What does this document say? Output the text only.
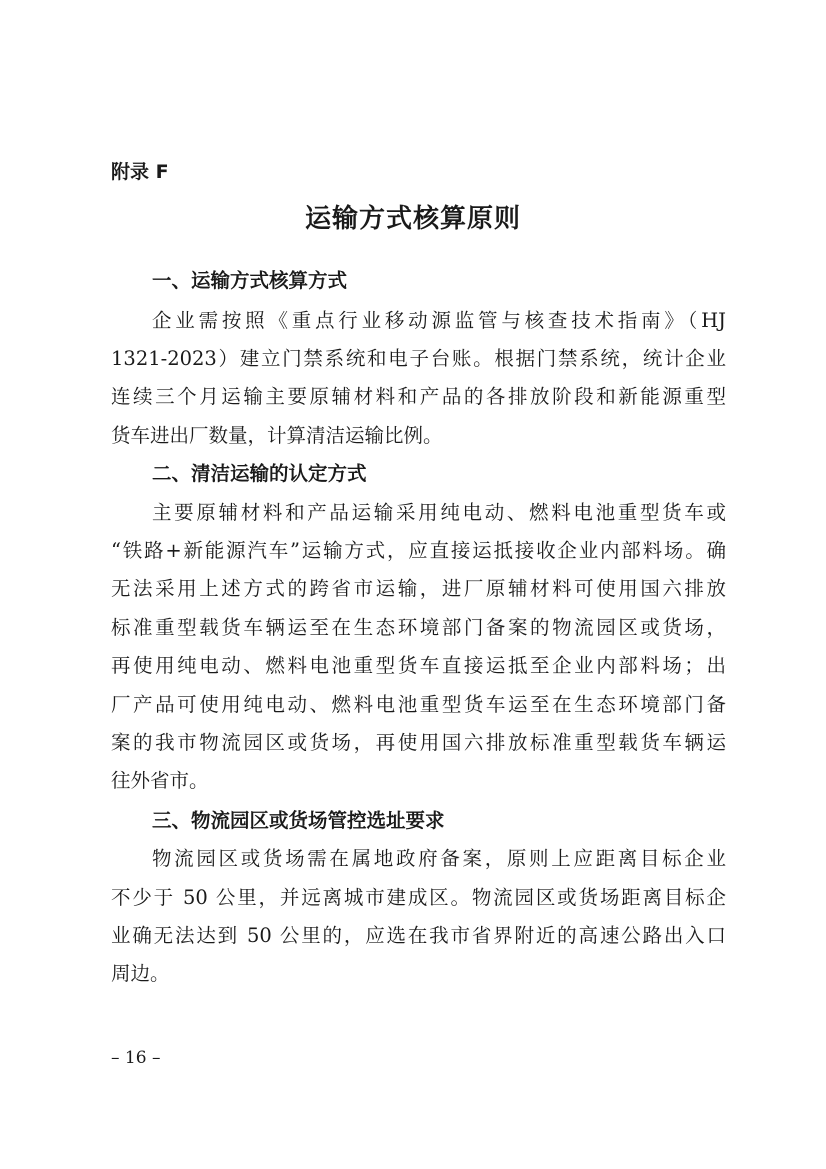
附录 F
运输方式核算原则
一、运输方式核算方式
企业需按照《重点行业移动源监管与核查技术指南》（HJ
1321-2023）建立门禁系统和电子台账。根据门禁系统，统计企业
连续三个月运输主要原辅材料和产品的各排放阶段和新能源重型
货车进出厂数量，计算清洁运输比例。
二、清洁运输的认定方式
主要原辅材料和产品运输采用纯电动、燃料电池重型货车或
“铁路+新能源汽车”运输方式，应直接运抵接收企业内部料场。确
无法采用上述方式的跨省市运输，进厂原辅材料可使用国六排放
标准重型载货车辆运至在生态环境部门备案的物流园区或货场，
再使用纯电动、燃料电池重型货车直接运抵至企业内部料场；出
厂产品可使用纯电动、燃料电池重型货车运至在生态环境部门备
案的我市物流园区或货场，再使用国六排放标准重型载货车辆运
往外省市。
三、物流园区或货场管控选址要求
物流园区或货场需在属地政府备案，原则上应距离目标企业
不少于 50 公里，并远离城市建成区。物流园区或货场距离目标企
业确无法达到 50 公里的，应选在我市省界附近的高速公路出入口
周边。
– 16 –
